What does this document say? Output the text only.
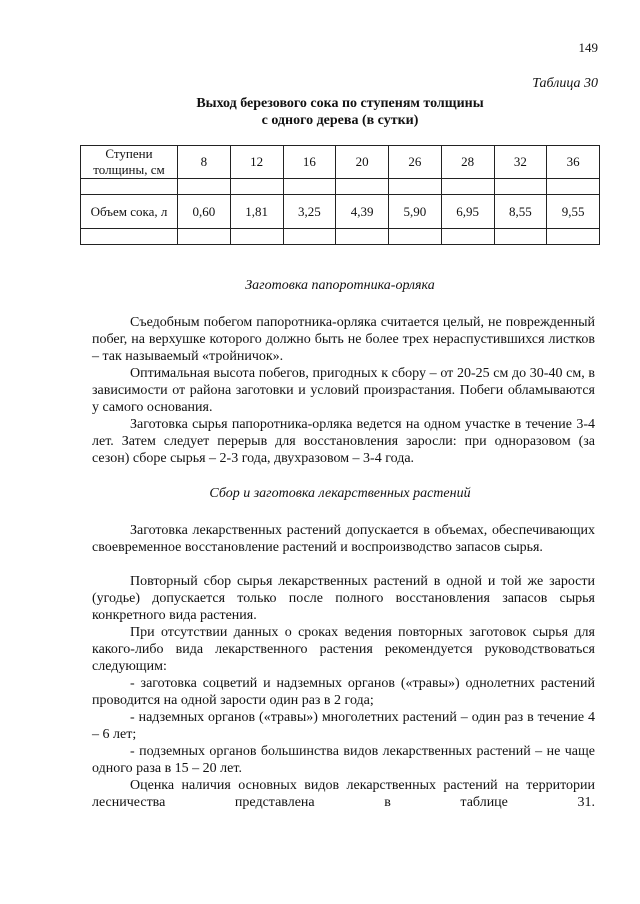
149
Таблица 30
Выход березового сока по ступеням толщины
с одного дерева (в сутки)
Ступени толщины, см	8	12	16	20	26	28	32	36

Объем сока, л	0,60	1,81	3,25	4,39	5,90	6,95	8,55	9,55

Заготовка папоротника-орляка

Съедобным побегом папоротника-орляка считается целый, не поврежденный побег, на верхушке которого должно быть не более трех нераспустившихся листков – так называемый «тройничок».

Оптимальная высота побегов, пригодных к сбору – от 20-25 см до 30-40 см, в зависимости от района заготовки и условий произрастания. Побеги обламываются у самого основания.

Заготовка сырья папоротника-орляка ведется на одном участке в течение 3-4 лет. Затем следует перерыв для восстановления заросли: при одноразовом (за сезон) сборе сырья – 2-3 года, двухразовом – 3-4 года.

Сбор и заготовка лекарственных растений

Заготовка лекарственных растений допускается в объемах, обеспечивающих своевременное восстановление растений и воспроизводство запасов сырья.

Повторный сбор сырья лекарственных растений в одной и той же зарости (угодье) допускается только после полного восстановления запасов сырья конкретного вида растения.

При отсутствии данных о сроках ведения повторных заготовок сырья для какого-либо вида лекарственного растения рекомендуется руководствоваться следующим:

- заготовка соцветий и надземных органов («травы») однолетних растений проводится на одной зарости один раз в 2 года;

- надземных органов («травы») многолетних растений – один раз в течение 4 – 6 лет;

- подземных органов большинства видов лекарственных растений – не чаще одного раза в 15 – 20 лет.

Оценка наличия основных видов лекарственных растений на территории лесничества представлена в таблице 31.
